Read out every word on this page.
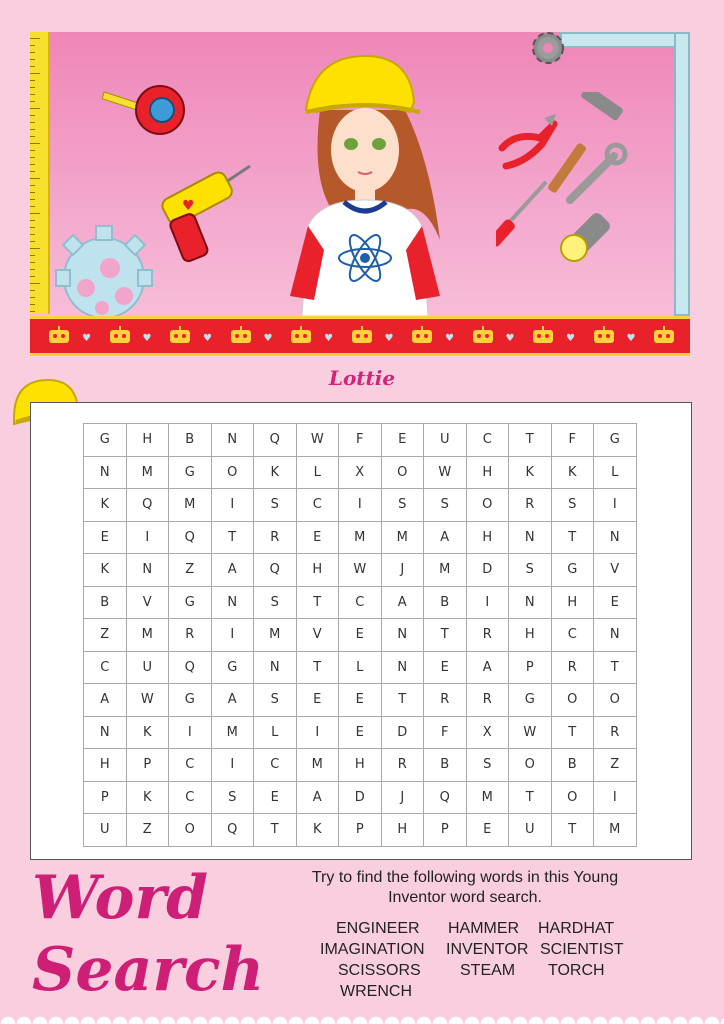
♥
♥	♥	♥	♥	♥	♥	♥	♥	♥	♥
Lottie
G	H	B	N	Q	W	F	E	U	C	T	F	G
N	M	G	O	K	L	X	O	W	H	K	K	L
K	Q	M	I	S	C	I	S	S	O	R	S	I
E	I	Q	T	R	E	M	M	A	H	N	T	N
K	N	Z	A	Q	H	W	J	M	D	S	G	V
B	V	G	N	S	T	C	A	B	I	N	H	E
Z	M	R	I	M	V	E	N	T	R	H	C	N
C	U	Q	G	N	T	L	N	E	A	P	R	T
A	W	G	A	S	E	E	T	R	R	G	O	O
N	K	I	M	L	I	E	D	F	X	W	T	R
H	P	C	I	C	M	H	R	B	S	O	B	Z
P	K	C	S	E	A	D	J	Q	M	T	O	I
U	Z	O	Q	T	K	P	H	P	E	U	T	M
Word
Search
Try to find the following words in this Young Inventor word search.
ENGINEER HAMMER HARDHAT
IMAGINATION INVENTOR SCIENTIST
SCISSORS STEAM TORCH
WRENCH
